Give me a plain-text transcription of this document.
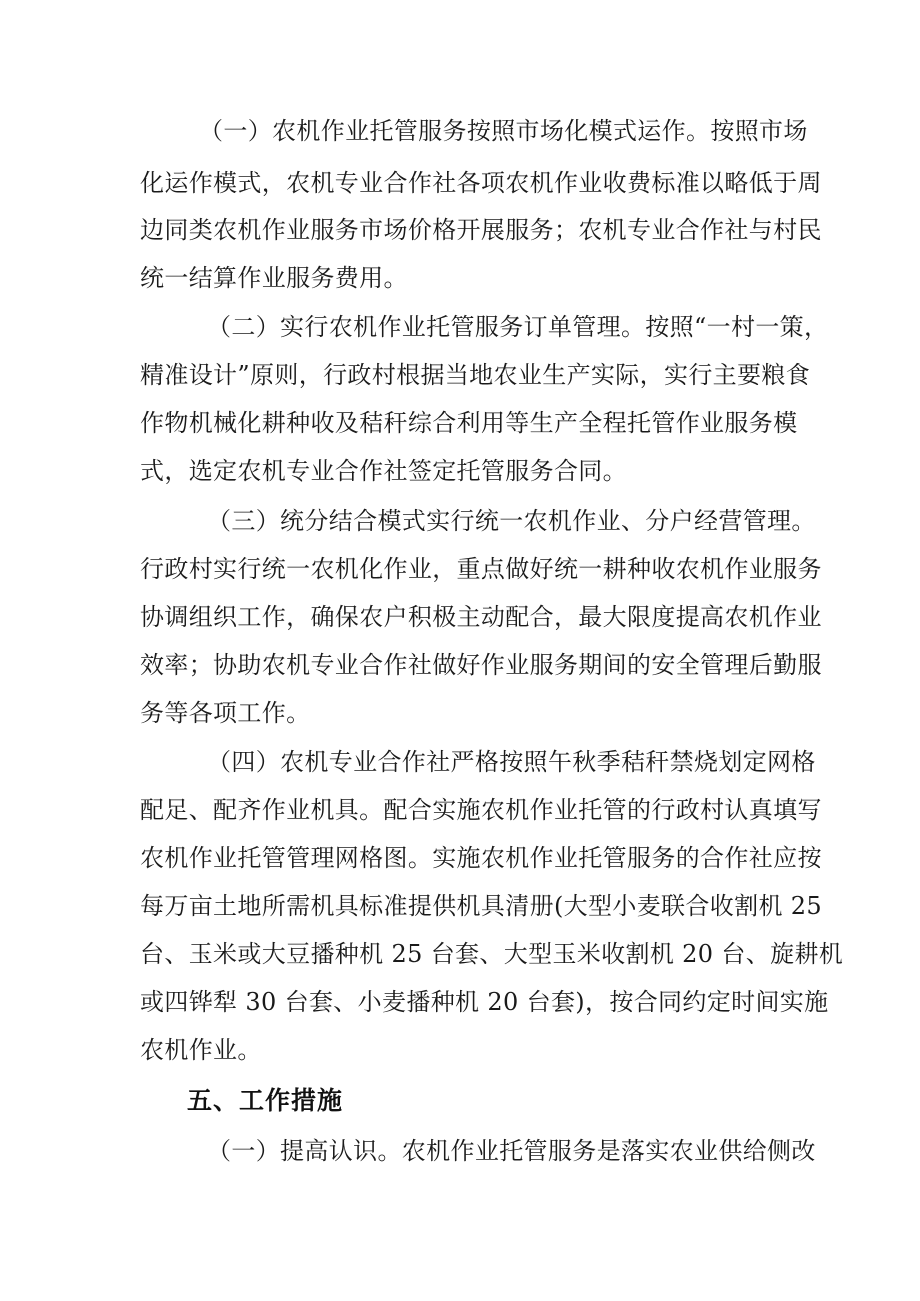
（一）农机作业托管服务按照市场化模式运作。按照市场

化运作模式，农机专业合作社各项农机作业收费标准以略低于周

边同类农机作业服务市场价格开展服务；农机专业合作社与村民

统一结算作业服务费用。

（二）实行农机作业托管服务订单管理。按照“一村一策，

精准设计”原则，行政村根据当地农业生产实际，实行主要粮食

作物机械化耕种收及秸秆综合利用等生产全程托管作业服务模

式，选定农机专业合作社签定托管服务合同。

（三）统分结合模式实行统一农机作业、分户经营管理。

行政村实行统一农机化作业，重点做好统一耕种收农机作业服务

协调组织工作，确保农户积极主动配合，最大限度提高农机作业

效率；协助农机专业合作社做好作业服务期间的安全管理后勤服

务等各项工作。

（四）农机专业合作社严格按照午秋季秸秆禁烧划定网格

配足、配齐作业机具。配合实施农机作业托管的行政村认真填写

农机作业托管管理网格图。实施农机作业托管服务的合作社应按

每万亩土地所需机具标准提供机具清册(大型小麦联合收割机 25

台、玉米或大豆播种机 25 台套、大型玉米收割机 20 台、旋耕机

或四铧犁 30 台套、小麦播种机 20 台套)，按合同约定时间实施

农机作业。

五、工作措施

（一）提高认识。农机作业托管服务是落实农业供给侧改
